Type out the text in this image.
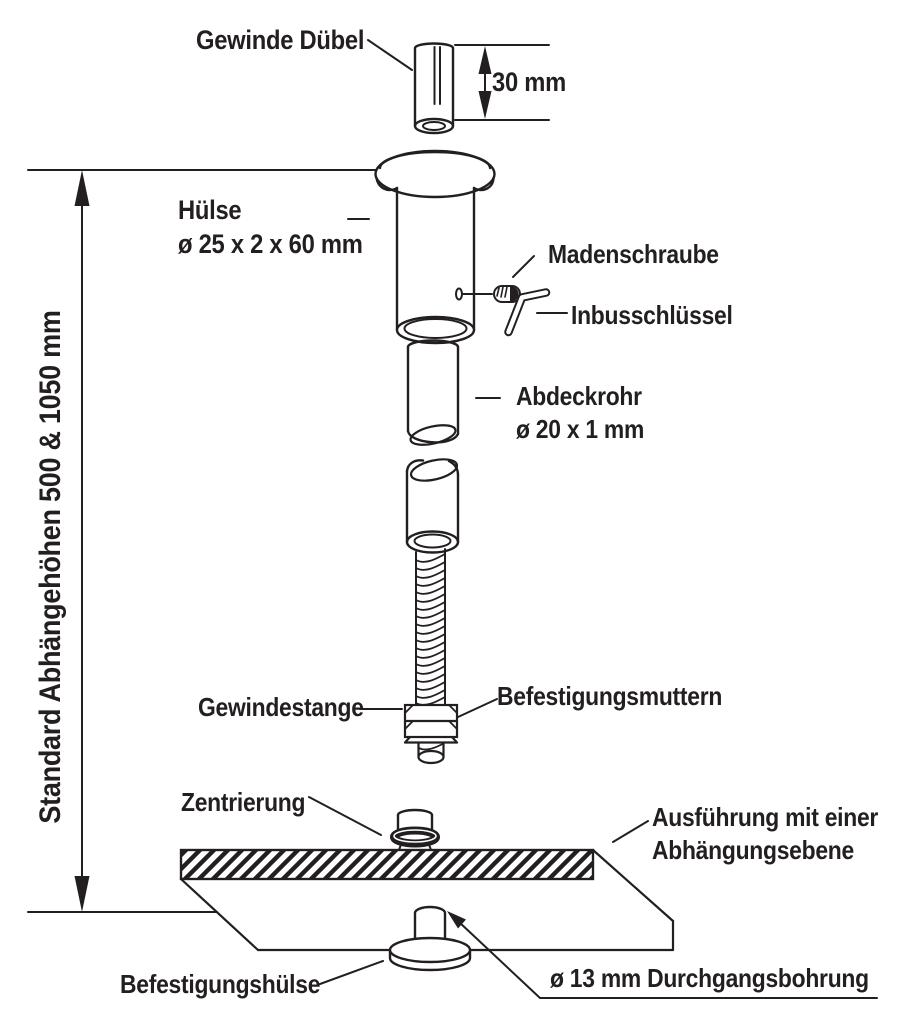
Gewinde Dübel
30 mm
Hülse
ø 25 x 2 x 60 mm	Madenschraube
Inbusschlüssel
Abdeckrohr
ø 20 x 1 mm
Gewindestange	Befestigungsmuttern
Zentrierung	Ausführung mit einer
Abhängungsebene
Befestigungshülse	ø 13 mm Durchgangsbohrung
Standard Abhängehöhen 500 & 1050 mm
